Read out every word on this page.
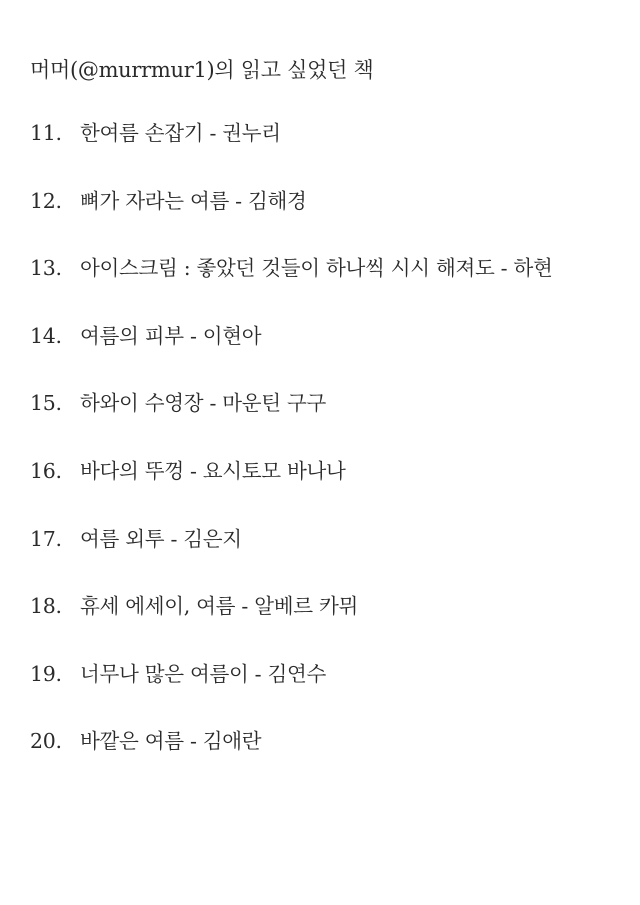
머머(@murrmur1)의 읽고 싶었던 책
11. 한여름 손잡기 - 권누리
12. 뼈가 자라는 여름 - 김해경
13. 아이스크림 : 좋았던 것들이 하나씩 시시 해져도 - 하현
14. 여름의 피부 - 이현아
15. 하와이 수영장 - 마운틴 구구
16. 바다의 뚜껑 - 요시토모 바나나
17. 여름 외투 - 김은지
18. 휴세 에세이, 여름 - 알베르 카뮈
19. 너무나 많은 여름이 - 김연수
20. 바깥은 여름 - 김애란
